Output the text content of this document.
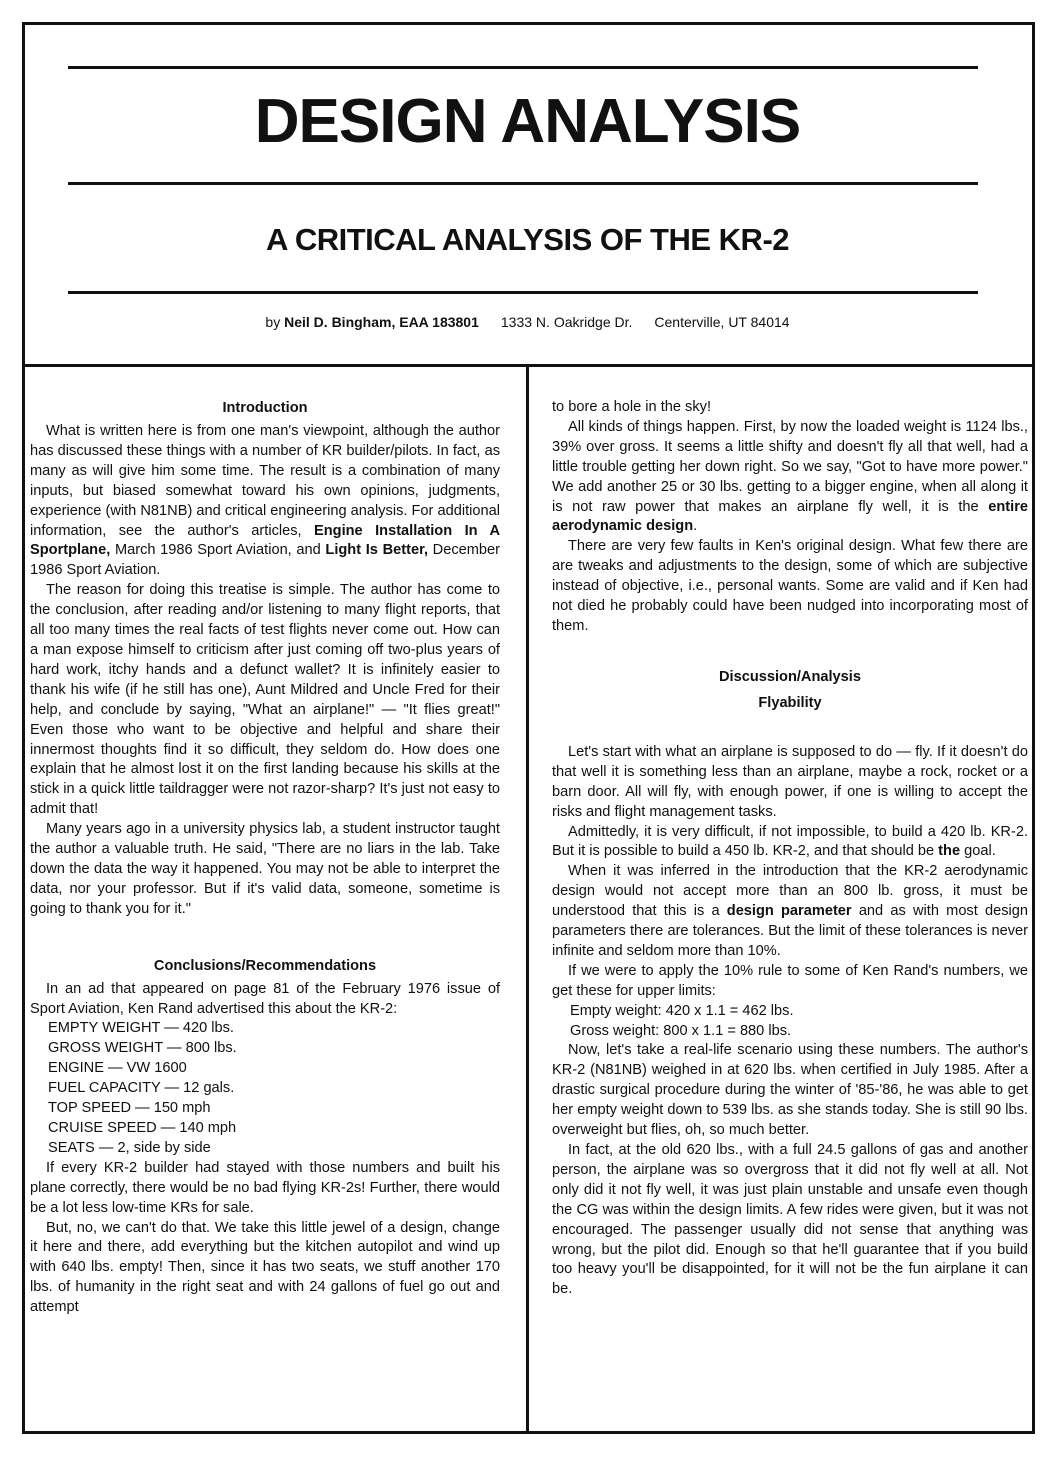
DESIGN ANALYSIS
A CRITICAL ANALYSIS OF THE KR-2
by Neil D. Bingham, EAA 183801 1333 N. Oakridge Dr. Centerville, UT 84014
Introduction

What is written here is from one man's viewpoint, although the author has discussed these things with a number of KR builder/pilots. In fact, as many as will give him some time. The result is a combination of many inputs, but biased somewhat toward his own opinions, judgments, experience (with N81NB) and critical engineering analysis. For additional information, see the author's articles, Engine Installation In A Sportplane, March 1986 Sport Aviation, and Light Is Better, December 1986 Sport Aviation.

The reason for doing this treatise is simple. The author has come to the conclusion, after reading and/or listening to many flight reports, that all too many times the real facts of test flights never come out. How can a man expose himself to criticism after just coming off two-plus years of hard work, itchy hands and a defunct wallet? It is infinitely easier to thank his wife (if he still has one), Aunt Mildred and Uncle Fred for their help, and conclude by saying, "What an airplane!" — "It flies great!" Even those who want to be objective and helpful and share their innermost thoughts find it so difficult, they seldom do. How does one explain that he almost lost it on the first landing because his skills at the stick in a quick little taildragger were not razor-sharp? It's just not easy to admit that!

Many years ago in a university physics lab, a student instructor taught the author a valuable truth. He said, "There are no liars in the lab. Take down the data the way it happened. You may not be able to interpret the data, nor your professor. But if it's valid data, someone, sometime is going to thank you for it."

Conclusions/Recommendations

In an ad that appeared on page 81 of the February 1976 issue of Sport Aviation, Ken Rand advertised this about the KR-2:

EMPTY WEIGHT — 420 lbs.
GROSS WEIGHT — 800 lbs.
ENGINE — VW 1600
FUEL CAPACITY — 12 gals.
TOP SPEED — 150 mph
CRUISE SPEED — 140 mph
SEATS — 2, side by side

If every KR-2 builder had stayed with those numbers and built his plane correctly, there would be no bad flying KR-2s! Further, there would be a lot less low-time KRs for sale.

But, no, we can't do that. We take this little jewel of a design, change it here and there, add everything but the kitchen autopilot and wind up with 640 lbs. empty! Then, since it has two seats, we stuff another 170 lbs. of humanity in the right seat and with 24 gallons of fuel go out and attempt

to bore a hole in the sky!

All kinds of things happen. First, by now the loaded weight is 1124 lbs., 39% over gross. It seems a little shifty and doesn't fly all that well, had a little trouble getting her down right. So we say, "Got to have more power." We add another 25 or 30 lbs. getting to a bigger engine, when all along it is not raw power that makes an airplane fly well, it is the entire aerodynamic design.

There are very few faults in Ken's original design. What few there are are tweaks and adjustments to the design, some of which are subjective instead of objective, i.e., personal wants. Some are valid and if Ken had not died he probably could have been nudged into incorporating most of them.

Discussion/Analysis
Flyability

Let's start with what an airplane is supposed to do — fly. If it doesn't do that well it is something less than an airplane, maybe a rock, rocket or a barn door. All will fly, with enough power, if one is willing to accept the risks and flight management tasks.

Admittedly, it is very difficult, if not impossible, to build a 420 lb. KR-2. But it is possible to build a 450 lb. KR-2, and that should be the goal.

When it was inferred in the introduction that the KR-2 aerodynamic design would not accept more than an 800 lb. gross, it must be understood that this is a design parameter and as with most design parameters there are tolerances. But the limit of these tolerances is never infinite and seldom more than 10%.

If we were to apply the 10% rule to some of Ken Rand's numbers, we get these for upper limits:

Empty weight: 420 x 1.1 = 462 lbs.
Gross weight: 800 x 1.1 = 880 lbs.

Now, let's take a real-life scenario using these numbers. The author's KR-2 (N81NB) weighed in at 620 lbs. when certified in July 1985. After a drastic surgical procedure during the winter of '85-'86, he was able to get her empty weight down to 539 lbs. as she stands today. She is still 90 lbs. overweight but flies, oh, so much better.

In fact, at the old 620 lbs., with a full 24.5 gallons of gas and another person, the airplane was so overgross that it did not fly well at all. Not only did it not fly well, it was just plain unstable and unsafe even though the CG was within the design limits. A few rides were given, but it was not encouraged. The passenger usually did not sense that anything was wrong, but the pilot did. Enough so that he'll guarantee that if you build too heavy you'll be disappointed, for it will not be the fun airplane it can be.
